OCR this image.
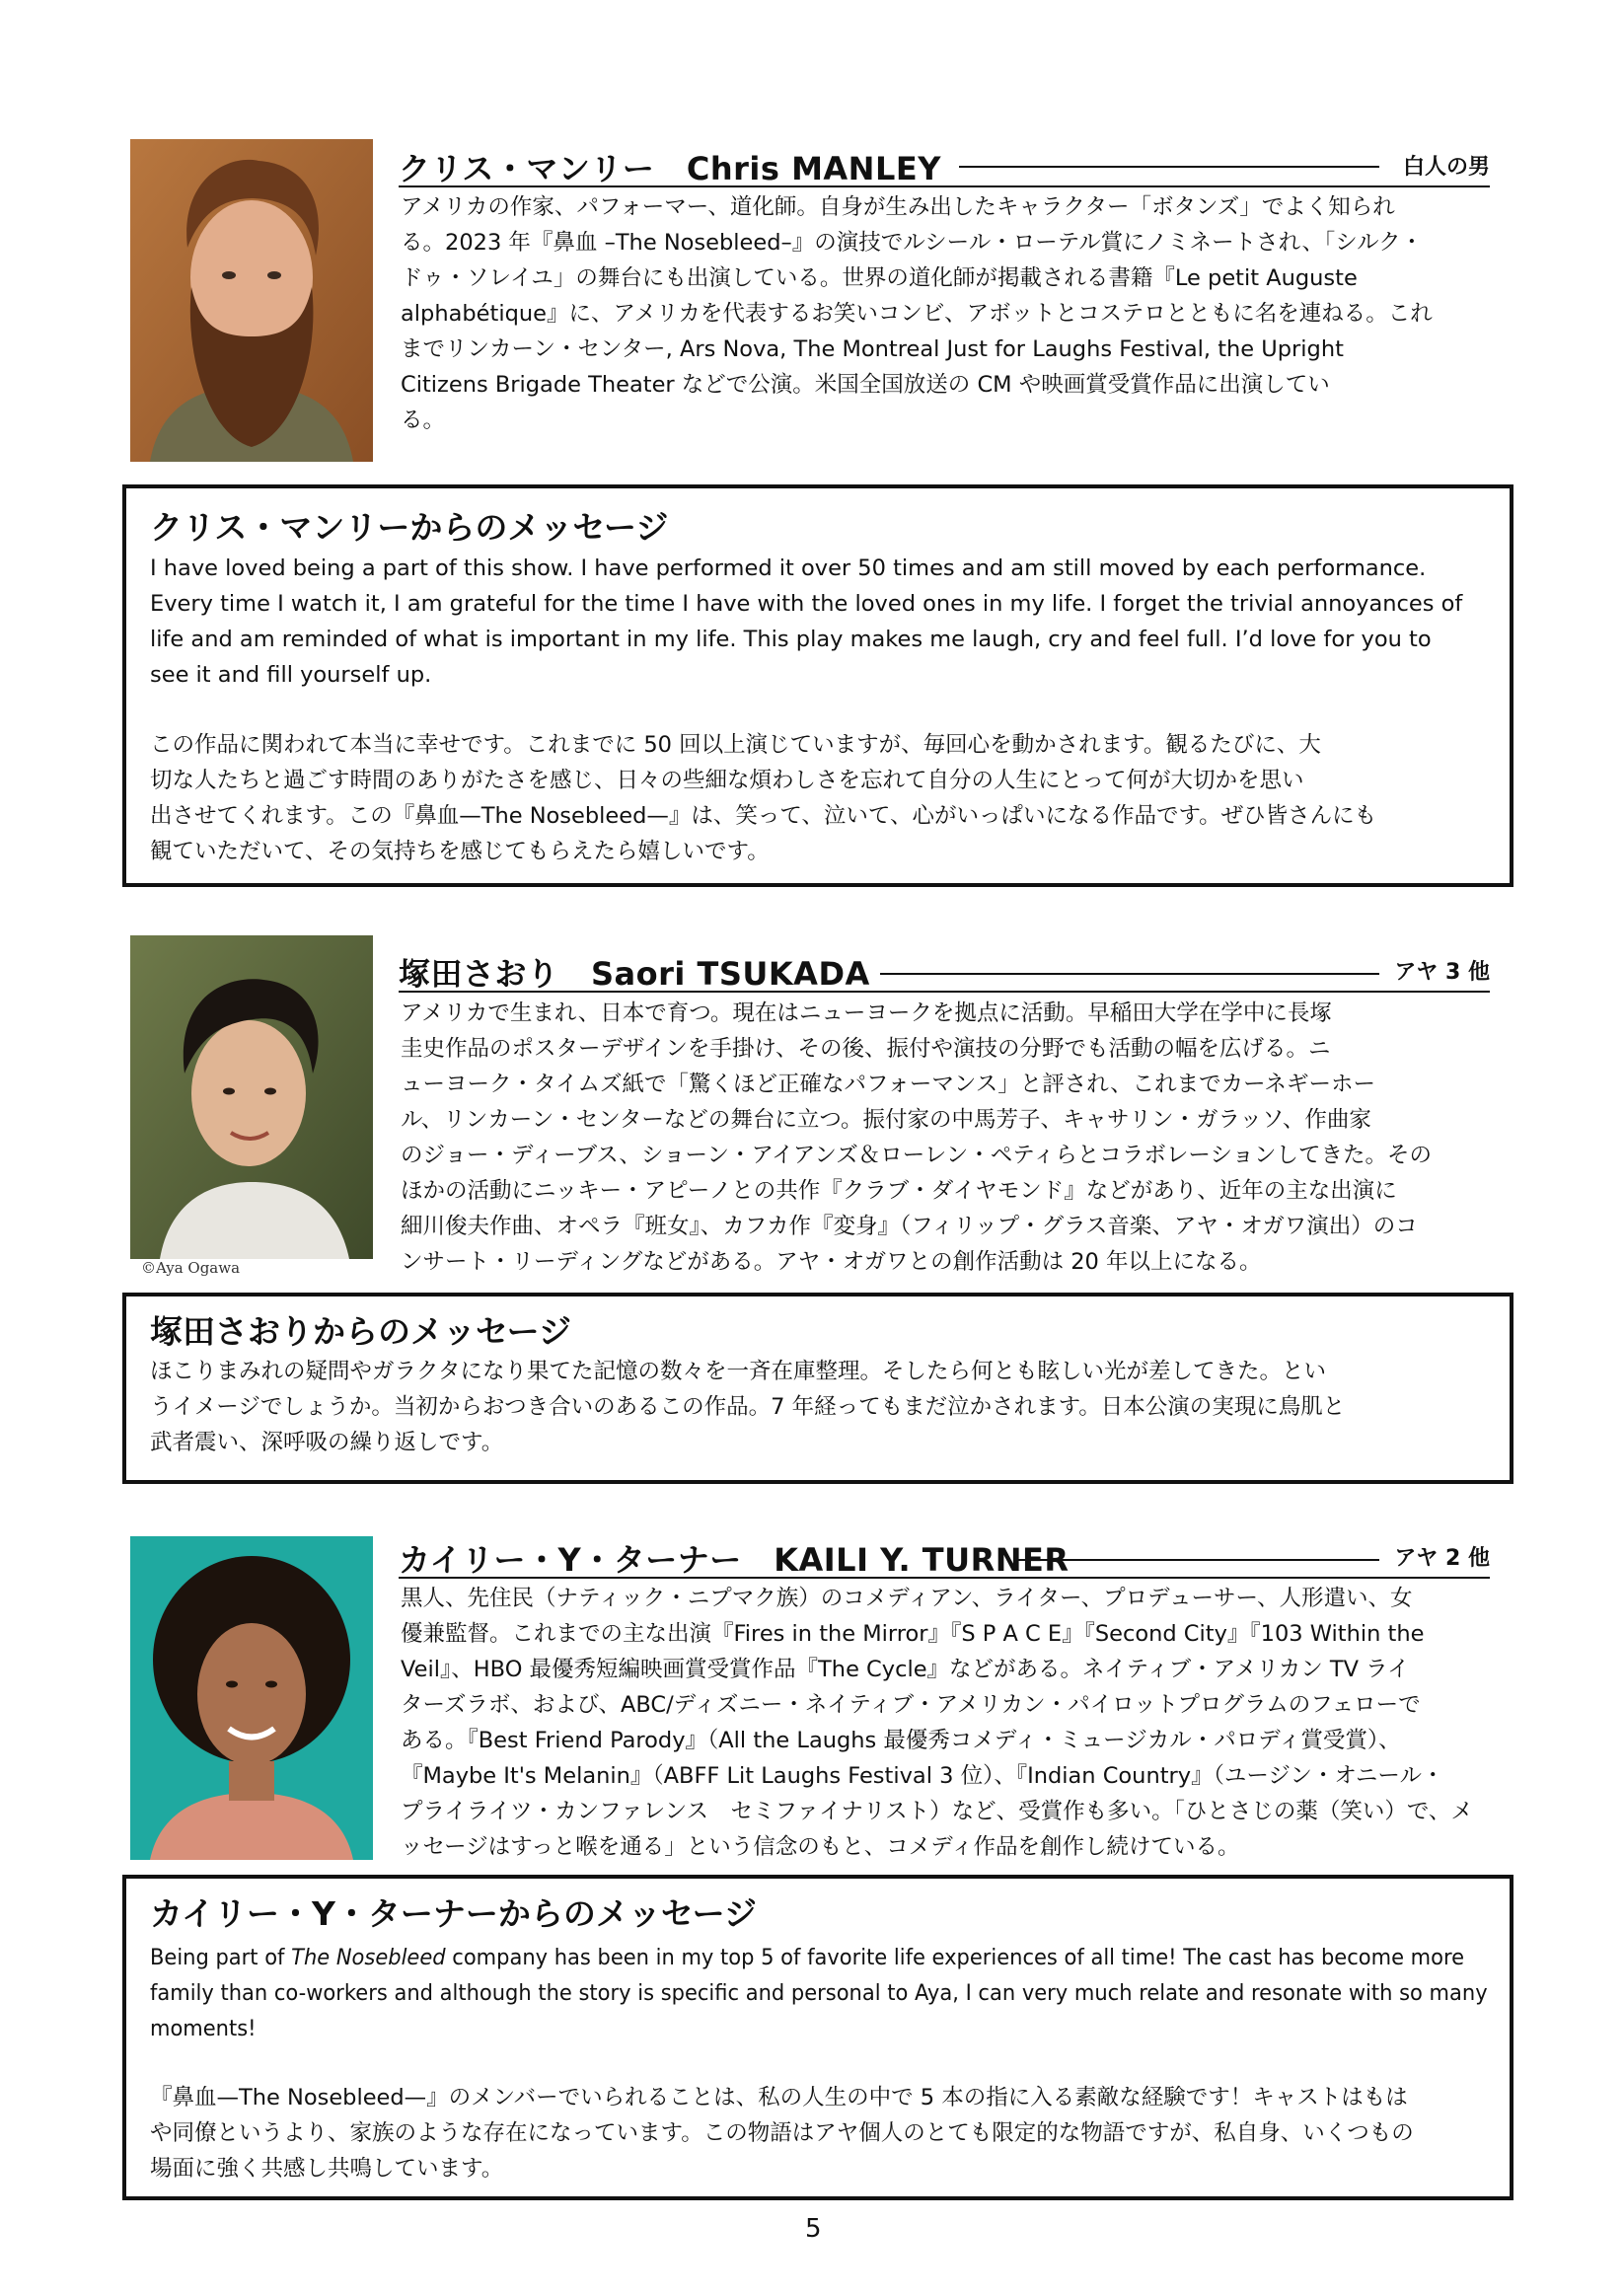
クリス・マンリー　Chris MANLEY	白人の男

アメリカの作家、パフォーマー、道化師。自身が生み出したキャラクター「ボタンズ」でよく知られ

る。2023 年『鼻血 –The Nosebleed–』の演技でルシール・ローテル賞にノミネートされ、「シルク・

ドゥ・ソレイユ」の舞台にも出演している。世界の道化師が掲載される書籍『Le petit Auguste

alphabétique』に、アメリカを代表するお笑いコンビ、アボットとコステロとともに名を連ねる。これ

までリンカーン・センター, Ars Nova, The Montreal Just for Laughs Festival, the Upright

Citizens Brigade Theater などで公演。米国全国放送の CM や映画賞受賞作品に出演してい

る。

クリス・マンリーからのメッセージ

I have loved being a part of this show. I have performed it over 50 times and am still moved by each performance.

Every time I watch it, I am grateful for the time I have with the loved ones in my life. I forget the trivial annoyances of

life and am reminded of what is important in my life. This play makes me laugh, cry and feel full. I’d love for you to

see it and fill yourself up.

この作品に関われて本当に幸せです。これまでに 50 回以上演じていますが、毎回心を動かされます。観るたびに、大

切な人たちと過ごす時間のありがたさを感じ、日々の些細な煩わしさを忘れて自分の人生にとって何が大切かを思い

出させてくれます。この『鼻血—The Nosebleed—』は、笑って、泣いて、心がいっぱいになる作品です。ぜひ皆さんにも

観ていただいて、その気持ちを感じてもらえたら嬉しいです。

©Aya Ogawa
塚田さおり　Saori TSUKADA	アヤ 3 他

アメリカで生まれ、日本で育つ。現在はニューヨークを拠点に活動。早稲田大学在学中に長塚

圭史作品のポスターデザインを手掛け、その後、振付や演技の分野でも活動の幅を広げる。ニ

ューヨーク・タイムズ紙で「驚くほど正確なパフォーマンス」と評され、これまでカーネギーホー

ル、リンカーン・センターなどの舞台に立つ。振付家の中馬芳子、キャサリン・ガラッソ、作曲家

のジョー・ディーブス、ショーン・アイアンズ＆ローレン・ペティらとコラボレーションしてきた。その

ほかの活動にニッキー・アピーノとの共作『クラブ・ダイヤモンド』などがあり、近年の主な出演に

細川俊夫作曲、オペラ『班女』、カフカ作『変身』（フィリップ・グラス音楽、アヤ・オガワ演出）のコ

ンサート・リーディングなどがある。アヤ・オガワとの創作活動は 20 年以上になる。

塚田さおりからのメッセージ

ほこりまみれの疑問やガラクタになり果てた記憶の数々を一斉在庫整理。そしたら何とも眩しい光が差してきた。とい

うイメージでしょうか。当初からおつき合いのあるこの作品。7 年経ってもまだ泣かされます。日本公演の実現に鳥肌と

武者震い、深呼吸の繰り返しです。

カイリー・Y・ターナー　KAILI Y. TURNER	アヤ 2 他

黒人、先住民（ナティック・ニプマク族）のコメディアン、ライター、プロデューサー、人形遣い、女

優兼監督。これまでの主な出演『Fires in the Mirror』『S P A C E』『Second City』『103 Within the

Veil』、HBO 最優秀短編映画賞受賞作品『The Cycle』などがある。ネイティブ・アメリカン TV ライ

ターズラボ、および、ABC/ディズニー・ネイティブ・アメリカン・パイロットプログラムのフェローで

ある。『Best Friend Parody』（All the Laughs 最優秀コメディ・ミュージカル・パロディ賞受賞）、

『Maybe It's Melanin』（ABFF Lit Laughs Festival 3 位）、『Indian Country』（ユージン・オニール・

プライライツ・カンファレンス　セミファイナリスト）など、受賞作も多い。「ひとさじの薬（笑い）で、メ

ッセージはすっと喉を通る」という信念のもと、コメディ作品を創作し続けている。

カイリー・Y・ターナーからのメッセージ

Being part of The Nosebleed company has been in my top 5 of favorite life experiences of all time! The cast has become more

family than co-workers and although the story is specific and personal to Aya, I can very much relate and resonate with so many

moments!

『鼻血—The Nosebleed—』のメンバーでいられることは、私の人生の中で 5 本の指に入る素敵な経験です！キャストはもは

や同僚というより、家族のような存在になっています。この物語はアヤ個人のとても限定的な物語ですが、私自身、いくつもの

場面に強く共感し共鳴しています。

5
